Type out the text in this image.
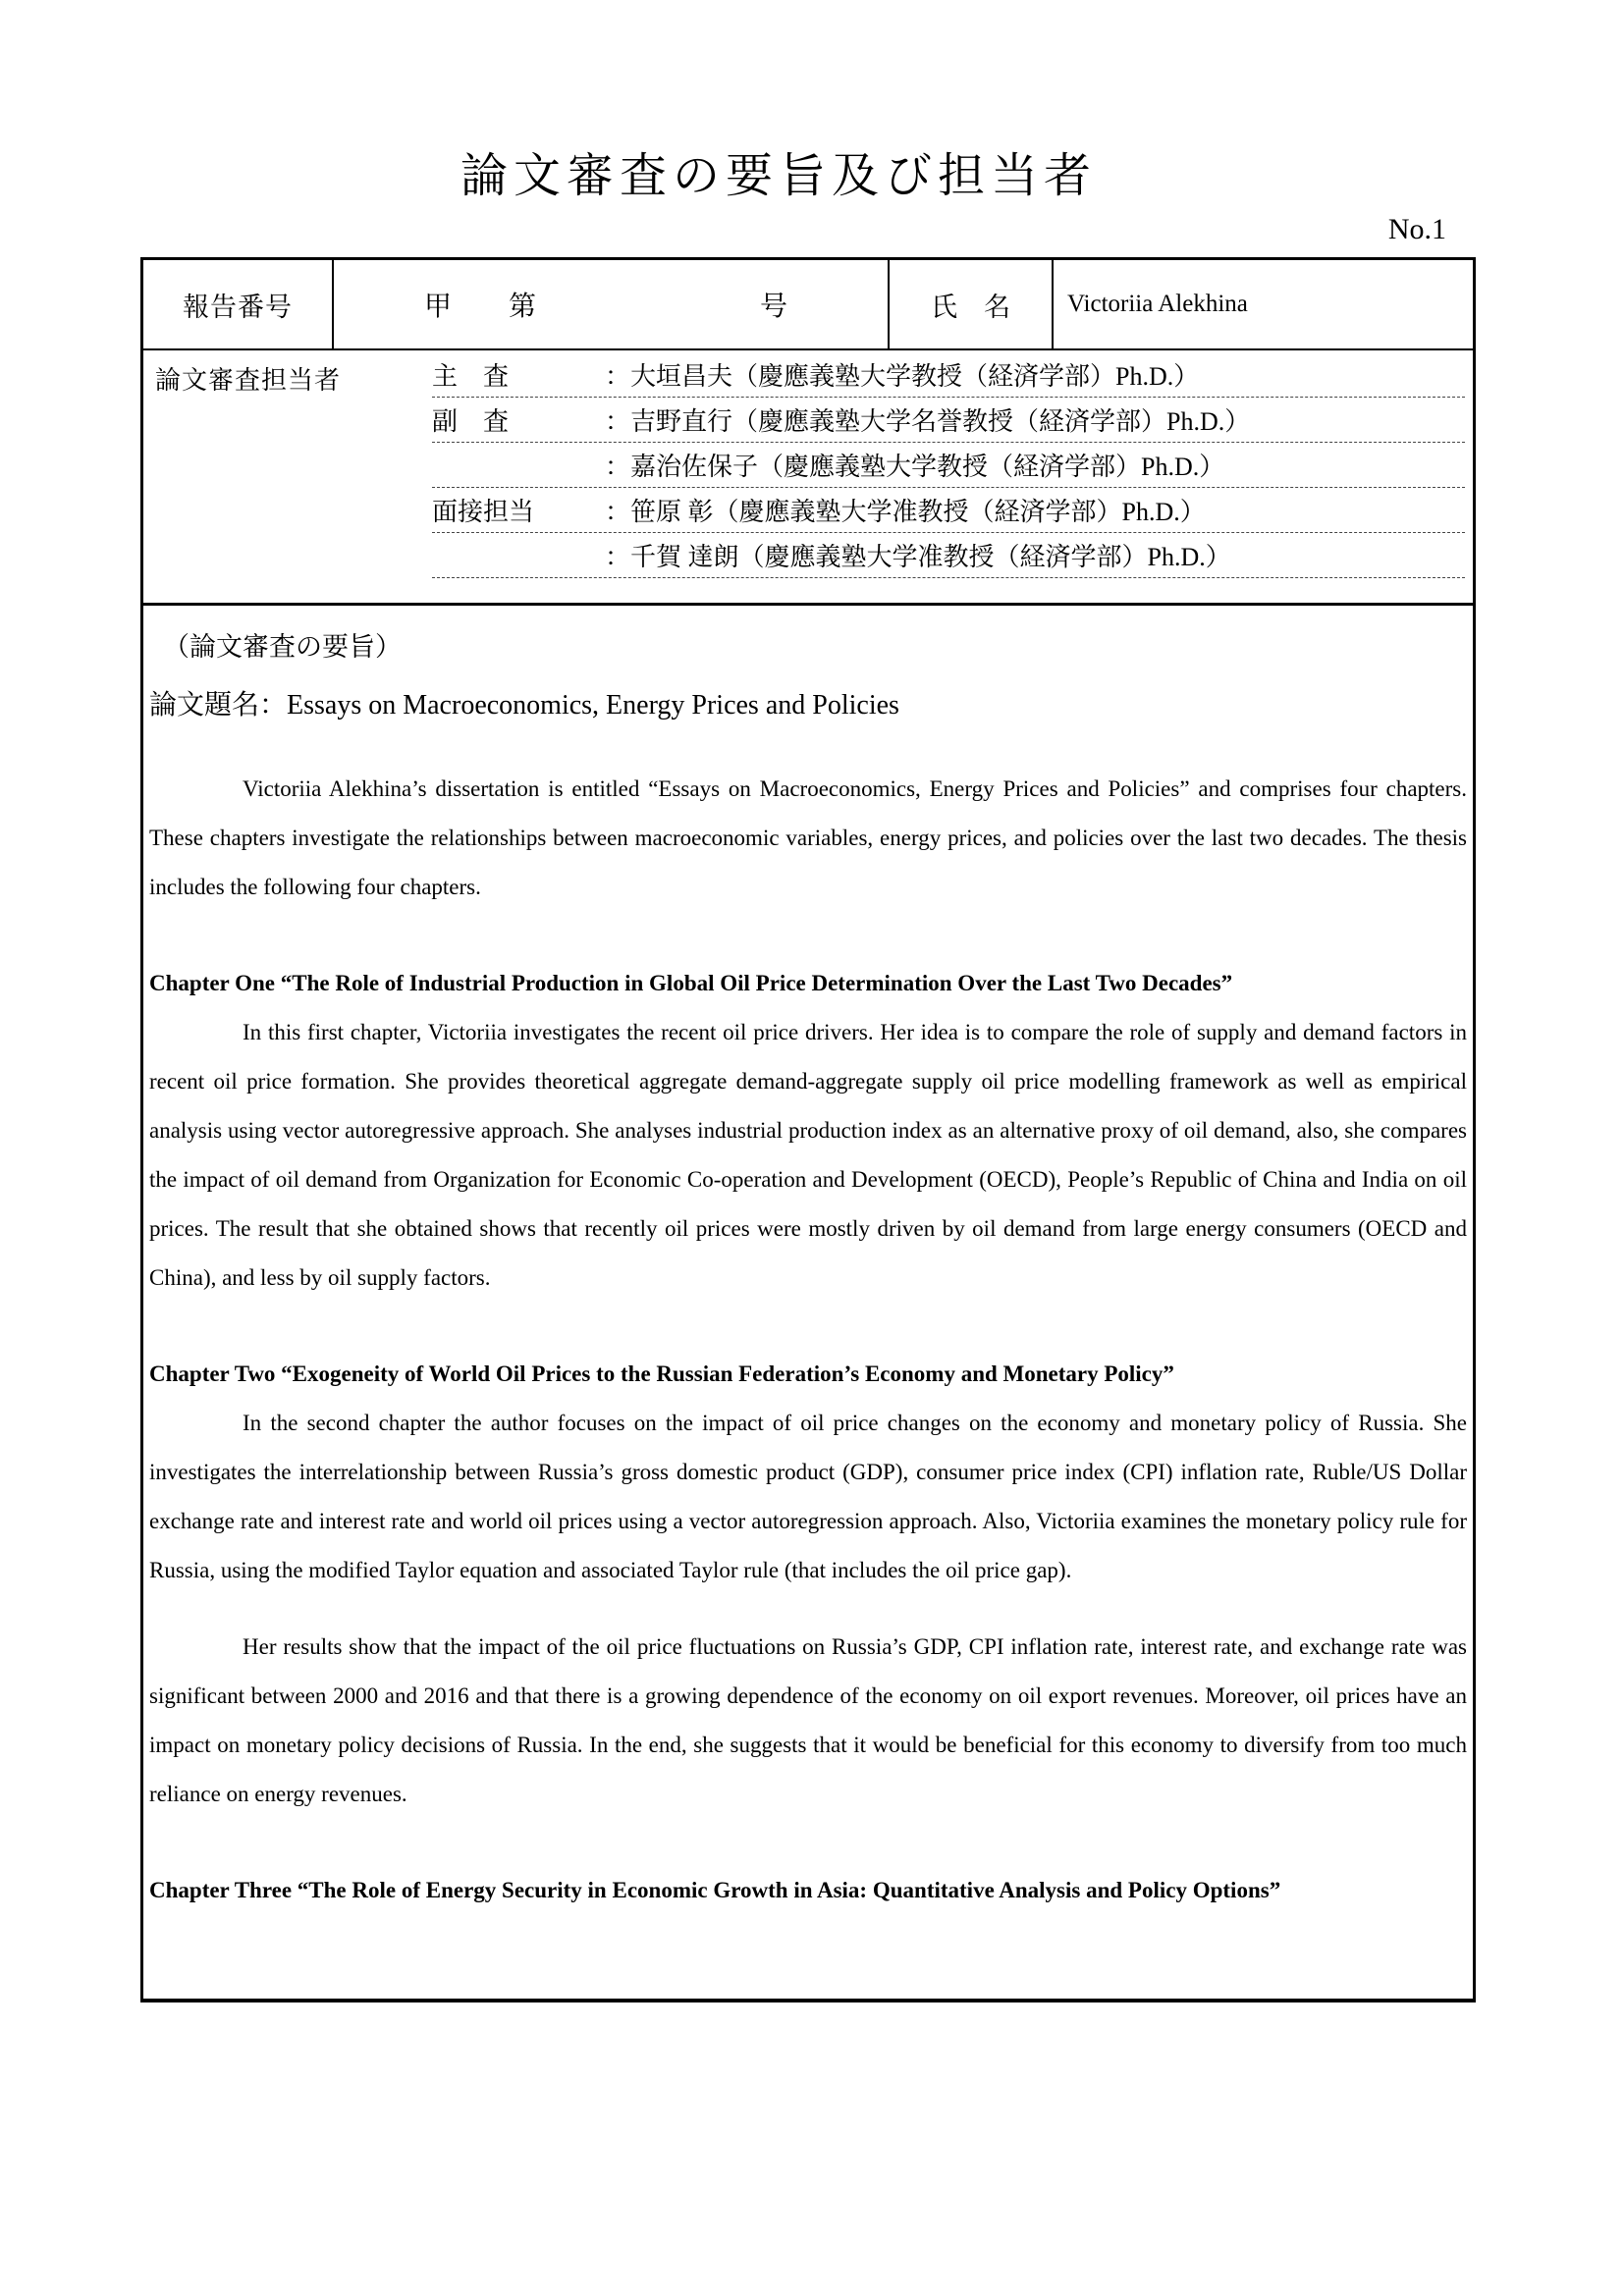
論文審査の要旨及び担当者
No.1
報告番号	甲 第	号	氏　名 Victoriia Alekhina
論文審査担当者	主　査	：大垣昌夫（慶應義塾大学教授（経済学部）Ph.D.）
副　査	：吉野直行（慶應義塾大学名誉教授（経済学部）Ph.D.）
：嘉治佐保子（慶應義塾大学教授（経済学部）Ph.D.）
面接担当	：笹原 彰（慶應義塾大学准教授（経済学部）Ph.D.）
：千賀 達朗（慶應義塾大学准教授（経済学部）Ph.D.）
（論文審査の要旨）
論文題名：Essays on Macroeconomics, Energy Prices and Policies

Victoriia Alekhina’s dissertation is entitled “Essays on Macroeconomics, Energy Prices and Policies” and comprises four chapters. These chapters investigate the relationships between macroeconomic variables, energy prices, and policies over the last two decades. The thesis includes the following four chapters.

Chapter One “The Role of Industrial Production in Global Oil Price Determination Over the Last Two Decades”

In this first chapter, Victoriia investigates the recent oil price drivers. Her idea is to compare the role of supply and demand factors in recent oil price formation. She provides theoretical aggregate demand-aggregate supply oil price modelling framework as well as empirical analysis using vector autoregressive approach. She analyses industrial production index as an alternative proxy of oil demand, also, she compares the impact of oil demand from Organization for Economic Co-operation and Development (OECD), People’s Republic of China and India on oil prices. The result that she obtained shows that recently oil prices were mostly driven by oil demand from large energy consumers (OECD and China), and less by oil supply factors.

Chapter Two “Exogeneity of World Oil Prices to the Russian Federation’s Economy and Monetary Policy”

In the second chapter the author focuses on the impact of oil price changes on the economy and monetary policy of Russia. She investigates the interrelationship between Russia’s gross domestic product (GDP), consumer price index (CPI) inflation rate, Ruble/US Dollar exchange rate and interest rate and world oil prices using a vector autoregression approach. Also, Victoriia examines the monetary policy rule for Russia, using the modified Taylor equation and associated Taylor rule (that includes the oil price gap).

Her results show that the impact of the oil price fluctuations on Russia’s GDP, CPI inflation rate, interest rate, and exchange rate was significant between 2000 and 2016 and that there is a growing dependence of the economy on oil export revenues. Moreover, oil prices have an impact on monetary policy decisions of Russia. In the end, she suggests that it would be beneficial for this economy to diversify from too much reliance on energy revenues.

Chapter Three “The Role of Energy Security in Economic Growth in Asia: Quantitative Analysis and Policy Options”
